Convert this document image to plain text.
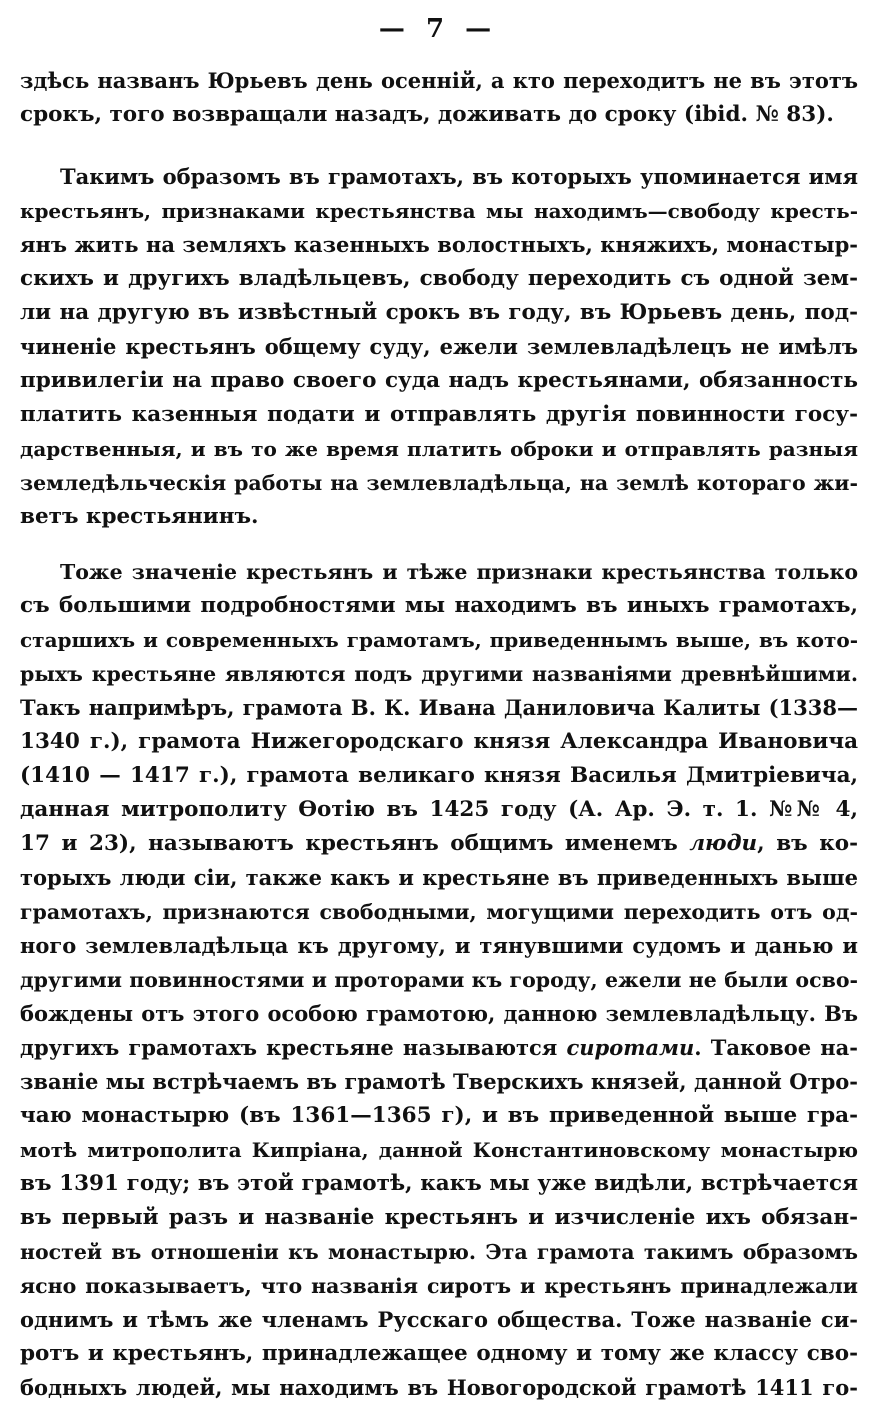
— 7 —
здѣсь названъ Юрьевъ день осенній, а кто переходитъ не въ этотъ
срокъ, того возвращали назадъ, доживать до сроку (ibid. № 83).
Такимъ образомъ въ грамотахъ, въ которыхъ упоминается имя
крестьянъ, признаками крестьянства мы находимъ—свободу кресть-
янъ жить на земляхъ казенныхъ волостныхъ, княжихъ, монастыр-
скихъ и другихъ владѣльцевъ, свободу переходить съ одной зем-
ли на другую въ извѣстный срокъ въ году, въ Юрьевъ день, под-
чиненіе крестьянъ общему суду, ежели землевладѣлецъ не имѣлъ
привилегіи на право своего суда надъ крестьянами, обязанность
платить казенныя подати и отправлять другія повинности госу-
дарственныя, и въ то же время платить оброки и отправлять разныя
земледѣльческія работы на землевладѣльца, на землѣ котораго жи-
ветъ крестьянинъ.
Тоже значеніе крестьянъ и тѣже признаки крестьянства только
съ большими подробностями мы находимъ въ иныхъ грамотахъ,
старшихъ и современныхъ грамотамъ, приведеннымъ выше, въ кото-
рыхъ крестьяне являются подъ другими названіями древнѣйшими.
Такъ напримѣръ, грамота В. К. Ивана Даниловича Калиты (1338—
1340 г.), грамота Нижегородскаго князя Александра Ивановича
(1410 — 1417 г.), грамота великаго князя Василья Дмитріевича,
данная митрополиту Ѳотію въ 1425 году (А. Ар. Э. т. 1. №№ 4,
17 и 23), называютъ крестьянъ общимъ именемъ люди, въ ко-
торыхъ люди сіи, также какъ и крестьяне въ приведенныхъ выше
грамотахъ, признаются свободными, могущими переходить отъ од-
ного землевладѣльца къ другому, и тянувшими судомъ и данью и
другими повинностями и проторами къ городу, ежели не были осво-
бождены отъ этого особою грамотою, данною землевладѣльцу. Въ
другихъ грамотахъ крестьяне называются сиротами. Таковое на-
званіе мы встрѣчаемъ въ грамотѣ Тверскихъ князей, данной Отро-
чаю монастырю (въ 1361—1365 г), и въ приведенной выше гра-
мотѣ митрополита Кипріана, данной Константиновскому монастырю
въ 1391 году; въ этой грамотѣ, какъ мы уже видѣли, встрѣчается
въ первый разъ и названіе крестьянъ и изчисленіе ихъ обязан-
ностей въ отношеніи къ монастырю. Эта грамота такимъ образомъ
ясно показываетъ, что названія сиротъ и крестьянъ принадлежали
однимъ и тѣмъ же членамъ Русскаго общества. Тоже названіе си-
ротъ и крестьянъ, принадлежащее одному и тому же классу сво-
бодныхъ людей, мы находимъ въ Новогородской грамотѣ 1411 го-
